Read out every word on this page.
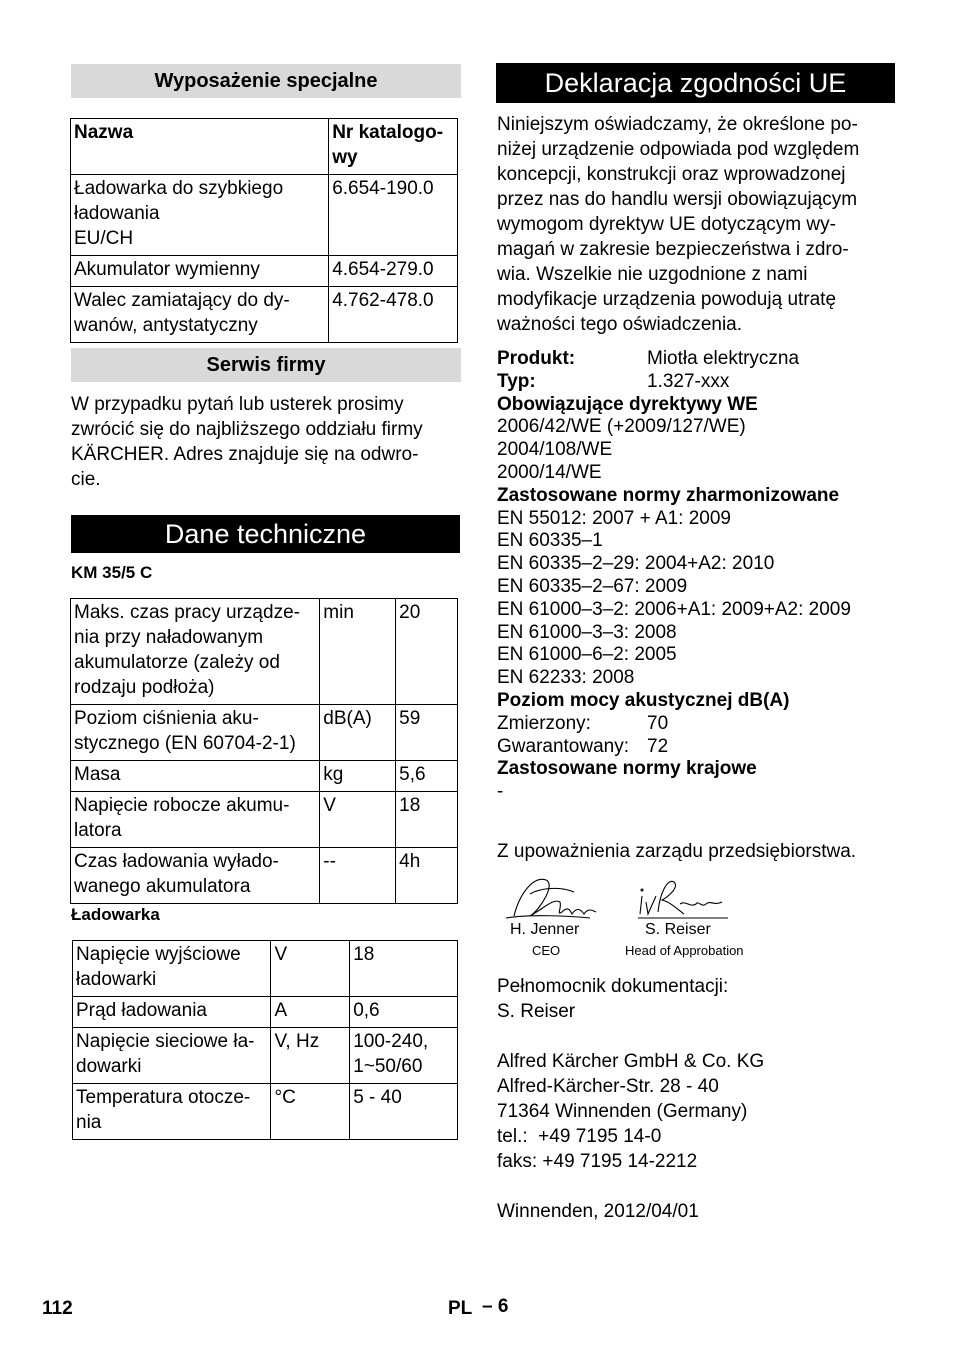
Wyposażenie specjalne
Nazwa	Nr katalogo-
wy
Ładowarka do szybkiego
ładowania
EU/CH	6.654-190.0
Akumulator wymienny	4.654-279.0
Walec zamiatający do dy-
wanów, antystatyczny	4.762-478.0
Serwis firmy
W przypadku pytań lub usterek prosimy
zwrócić się do najbliższego oddziału firmy
KÄRCHER. Adres znajduje się na odwro-
cie.
Dane techniczne
KM 35/5 C
Maks. czas pracy urządze-
nia przy naładowanym
akumulatorze (zależy od
rodzaju podłoża)	min	20
Poziom ciśnienia aku-
stycznego (EN 60704-2-1)	dB(A)	59
Masa	kg	5,6
Napięcie robocze akumu-
latora	V	18
Czas ładowania wyłado-
wanego akumulatora	--	4h
Ładowarka
Napięcie wyjściowe
ładowarki	V	18
Prąd ładowania	A	0,6
Napięcie sieciowe ła-
dowarki	V, Hz	100-240,
1~50/60
Temperatura otocze-
nia	°C	5 - 40
Deklaracja zgodności UE
Niniejszym oświadczamy, że określone po-
niżej urządzenie odpowiada pod względem
koncepcji, konstrukcji oraz wprowadzonej
przez nas do handlu wersji obowiązującym
wymogom dyrektyw UE dotyczącym wy-
magań w zakresie bezpieczeństwa i zdro-
wia. Wszelkie nie uzgodnione z nami
modyfikacje urządzenia powodują utratę
ważności tego oświadczenia.
Produkt:	Miotła elektryczna
Typ:	1.327-xxx
Obowiązujące dyrektywy WE
2006/42/WE (+2009/127/WE)
2004/108/WE
2000/14/WE
Zastosowane normy zharmonizowane
EN 55012: 2007 + A1: 2009
EN 60335–1
EN 60335–2–29: 2004+A2: 2010
EN 60335–2–67: 2009
EN 61000–3–2: 2006+A1: 2009+A2: 2009
EN 61000–3–3: 2008
EN 61000–6–2: 2005
EN 62233: 2008
Poziom mocy akustycznej dB(A)
Zmierzony:	70
Gwarantowany: 72
Zastosowane normy krajowe
-
Z upoważnienia zarządu przedsiębiorstwa.
H. Jenner
CEO
S. Reiser
Head of Approbation
Pełnomocnik dokumentacji:
S. Reiser
Alfred Kärcher GmbH & Co. KG
Alfred-Kärcher-Str. 28 - 40
71364 Winnenden (Germany)
tel.:  +49 7195 14-0
faks: +49 7195 14-2212
Winnenden, 2012/04/01
112	PL – 6
